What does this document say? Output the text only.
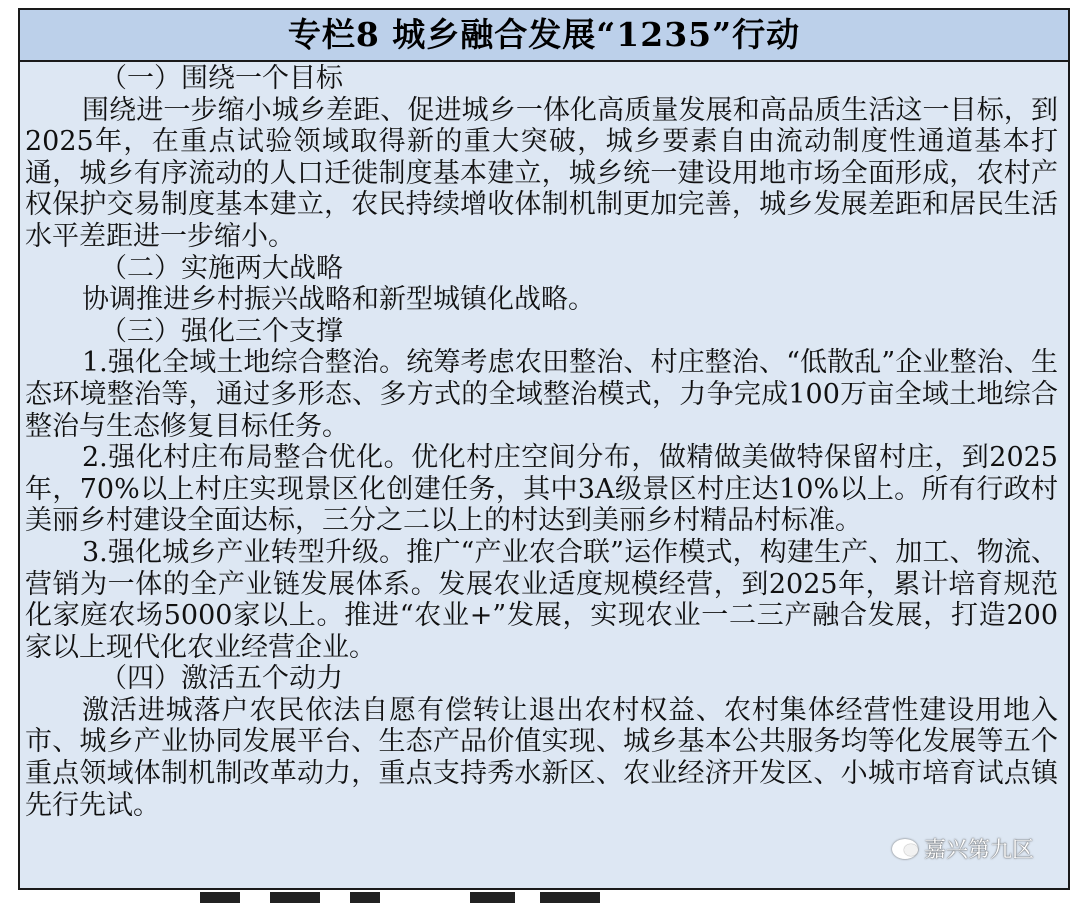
专栏8 城乡融合发展“1235”行动

（一）围绕一个目标

围绕进一步缩小城乡差距、促进城乡一体化高质量发展和高品质生活这一目标，到2025年，在重点试验领域取得新的重大突破，城乡要素自由流动制度性通道基本打通，城乡有序流动的人口迁徙制度基本建立，城乡统一建设用地市场全面形成，农村产权保护交易制度基本建立，农民持续增收体制机制更加完善，城乡发展差距和居民生活水平差距进一步缩小。

（二）实施两大战略

协调推进乡村振兴战略和新型城镇化战略。

（三）强化三个支撑

1.强化全域土地综合整治。统筹考虑农田整治、村庄整治、“低散乱”企业整治、生态环境整治等，通过多形态、多方式的全域整治模式，力争完成100万亩全域土地综合整治与生态修复目标任务。

2.强化村庄布局整合优化。优化村庄空间分布，做精做美做特保留村庄，到2025年，70%以上村庄实现景区化创建任务，其中3A级景区村庄达10%以上。所有行政村美丽乡村建设全面达标，三分之二以上的村达到美丽乡村精品村标准。

3.强化城乡产业转型升级。推广“产业农合联”运作模式，构建生产、加工、物流、营销为一体的全产业链发展体系。发展农业适度规模经营，到2025年，累计培育规范化家庭农场5000家以上。推进“农业+”发展，实现农业一二三产融合发展，打造200家以上现代化农业经营企业。

（四）激活五个动力

激活进城落户农民依法自愿有偿转让退出农村权益、农村集体经营性建设用地入市、城乡产业协同发展平台、生态产品价值实现、城乡基本公共服务均等化发展等五个重点领域体制机制改革动力，重点支持秀水新区、农业经济开发区、小城市培育试点镇先行先试。

嘉兴第九区
